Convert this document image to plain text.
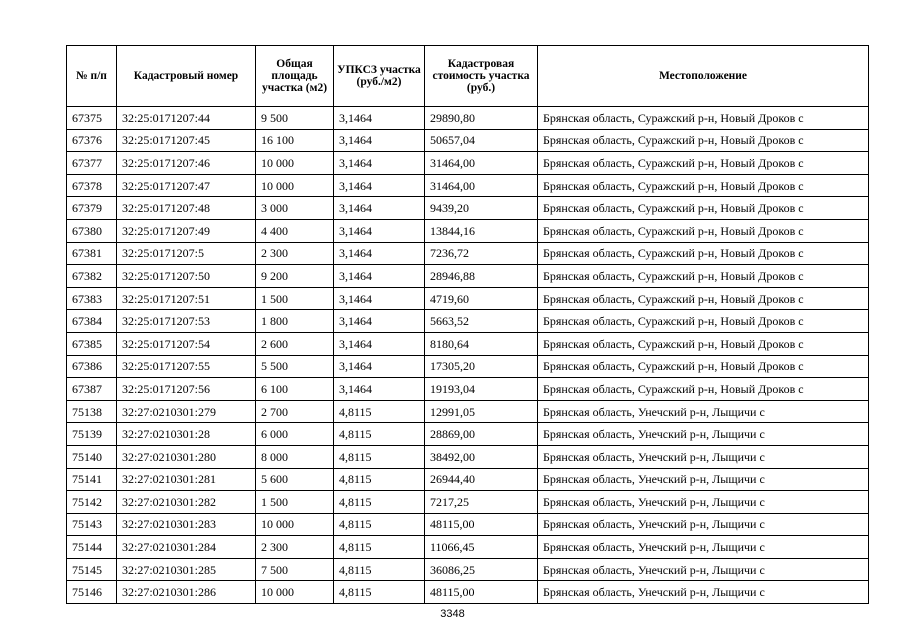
№ п/п	Кадастровый номер	Общая площадь участка (м2)	УПКСЗ участка (руб./м2)	Кадастровая стоимость участка (руб.)	Местоположение
67375	32:25:0171207:44	9 500	3,1464	29890,80	Брянская область, Суражский р-н, Новый Дроков с
67376	32:25:0171207:45	16 100	3,1464	50657,04	Брянская область, Суражский р-н, Новый Дроков с
67377	32:25:0171207:46	10 000	3,1464	31464,00	Брянская область, Суражский р-н, Новый Дроков с
67378	32:25:0171207:47	10 000	3,1464	31464,00	Брянская область, Суражский р-н, Новый Дроков с
67379	32:25:0171207:48	3 000	3,1464	9439,20	Брянская область, Суражский р-н, Новый Дроков с
67380	32:25:0171207:49	4 400	3,1464	13844,16	Брянская область, Суражский р-н, Новый Дроков с
67381	32:25:0171207:5	2 300	3,1464	7236,72	Брянская область, Суражский р-н, Новый Дроков с
67382	32:25:0171207:50	9 200	3,1464	28946,88	Брянская область, Суражский р-н, Новый Дроков с
67383	32:25:0171207:51	1 500	3,1464	4719,60	Брянская область, Суражский р-н, Новый Дроков с
67384	32:25:0171207:53	1 800	3,1464	5663,52	Брянская область, Суражский р-н, Новый Дроков с
67385	32:25:0171207:54	2 600	3,1464	8180,64	Брянская область, Суражский р-н, Новый Дроков с
67386	32:25:0171207:55	5 500	3,1464	17305,20	Брянская область, Суражский р-н, Новый Дроков с
67387	32:25:0171207:56	6 100	3,1464	19193,04	Брянская область, Суражский р-н, Новый Дроков с
75138	32:27:0210301:279	2 700	4,8115	12991,05	Брянская область, Унечский р-н, Лыщичи с
75139	32:27:0210301:28	6 000	4,8115	28869,00	Брянская область, Унечский р-н, Лыщичи с
75140	32:27:0210301:280	8 000	4,8115	38492,00	Брянская область, Унечский р-н, Лыщичи с
75141	32:27:0210301:281	5 600	4,8115	26944,40	Брянская область, Унечский р-н, Лыщичи с
75142	32:27:0210301:282	1 500	4,8115	7217,25	Брянская область, Унечский р-н, Лыщичи с
75143	32:27:0210301:283	10 000	4,8115	48115,00	Брянская область, Унечский р-н, Лыщичи с
75144	32:27:0210301:284	2 300	4,8115	11066,45	Брянская область, Унечский р-н, Лыщичи с
75145	32:27:0210301:285	7 500	4,8115	36086,25	Брянская область, Унечский р-н, Лыщичи с
75146	32:27:0210301:286	10 000	4,8115	48115,00	Брянская область, Унечский р-н, Лыщичи с
3348
